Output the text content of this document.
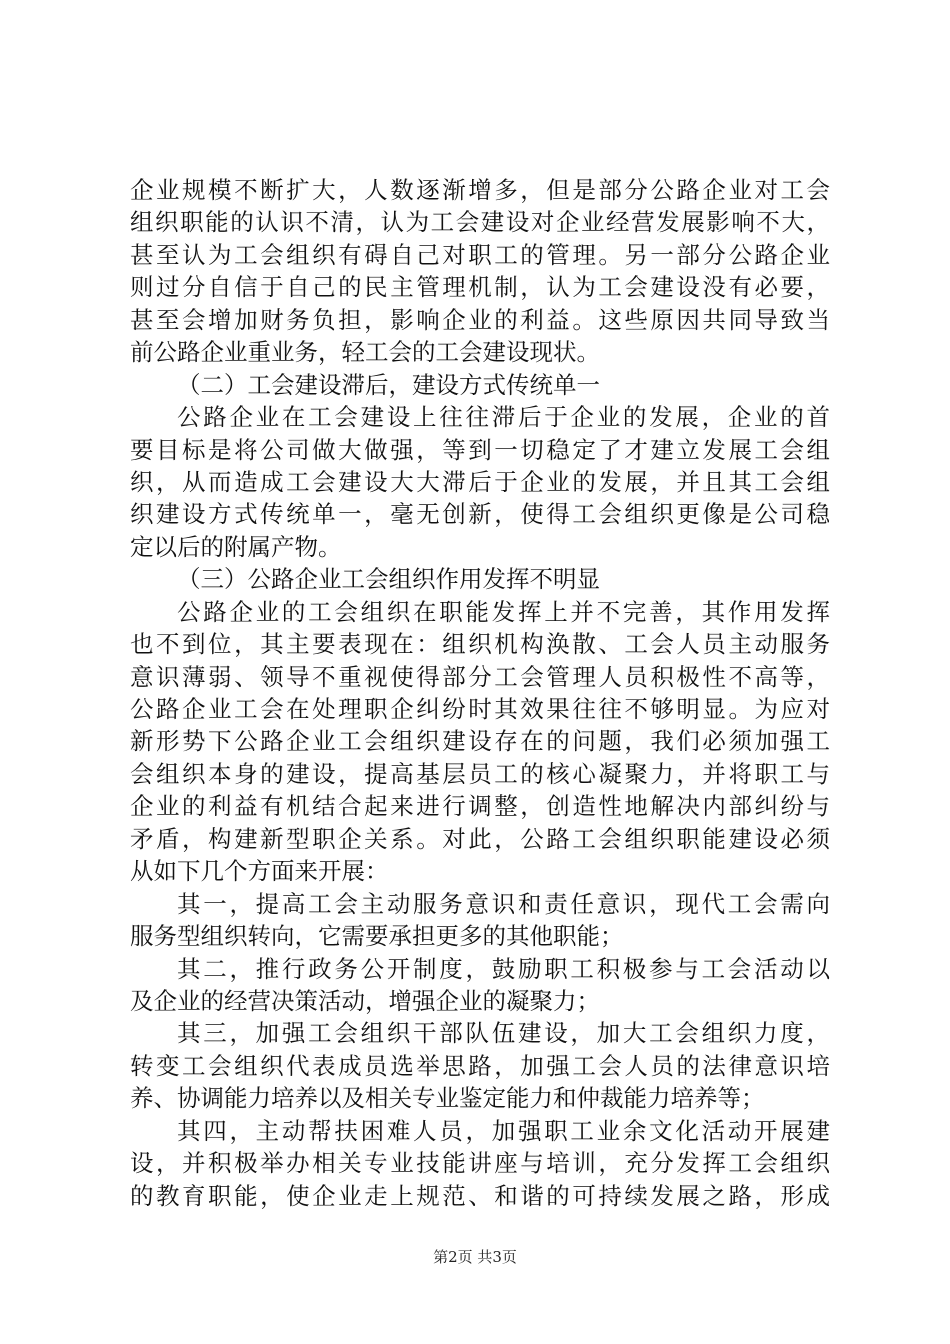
企业规模不断扩大，人数逐渐增多，但是部分公路企业对工会
组织职能的认识不清，认为工会建设对企业经营发展影响不大，
甚至认为工会组织有碍自己对职工的管理。另一部分公路企业
则过分自信于自己的民主管理机制，认为工会建设没有必要，
甚至会增加财务负担，影响企业的利益。这些原因共同导致当
前公路企业重业务，轻工会的工会建设现状。
（二）工会建设滞后，建设方式传统单一
公路企业在工会建设上往往滞后于企业的发展，企业的首
要目标是将公司做大做强，等到一切稳定了才建立发展工会组
织，从而造成工会建设大大滞后于企业的发展，并且其工会组
织建设方式传统单一，毫无创新，使得工会组织更像是公司稳
定以后的附属产物。
（三）公路企业工会组织作用发挥不明显
公路企业的工会组织在职能发挥上并不完善，其作用发挥
也不到位，其主要表现在：组织机构涣散、工会人员主动服务
意识薄弱、领导不重视使得部分工会管理人员积极性不高等，
公路企业工会在处理职企纠纷时其效果往往不够明显。为应对
新形势下公路企业工会组织建设存在的问题，我们必须加强工
会组织本身的建设，提高基层员工的核心凝聚力，并将职工与
企业的利益有机结合起来进行调整，创造性地解决内部纠纷与
矛盾，构建新型职企关系。对此，公路工会组织职能建设必须
从如下几个方面来开展：
其一，提高工会主动服务意识和责任意识，现代工会需向
服务型组织转向，它需要承担更多的其他职能；
其二，推行政务公开制度，鼓励职工积极参与工会活动以
及企业的经营决策活动，增强企业的凝聚力；
其三，加强工会组织干部队伍建设，加大工会组织力度，
转变工会组织代表成员选举思路，加强工会人员的法律意识培
养、协调能力培养以及相关专业鉴定能力和仲裁能力培养等；
其四，主动帮扶困难人员，加强职工业余文化活动开展建
设，并积极举办相关专业技能讲座与培训，充分发挥工会组织
的教育职能，使企业走上规范、和谐的可持续发展之路，形成
第2页 共3页
